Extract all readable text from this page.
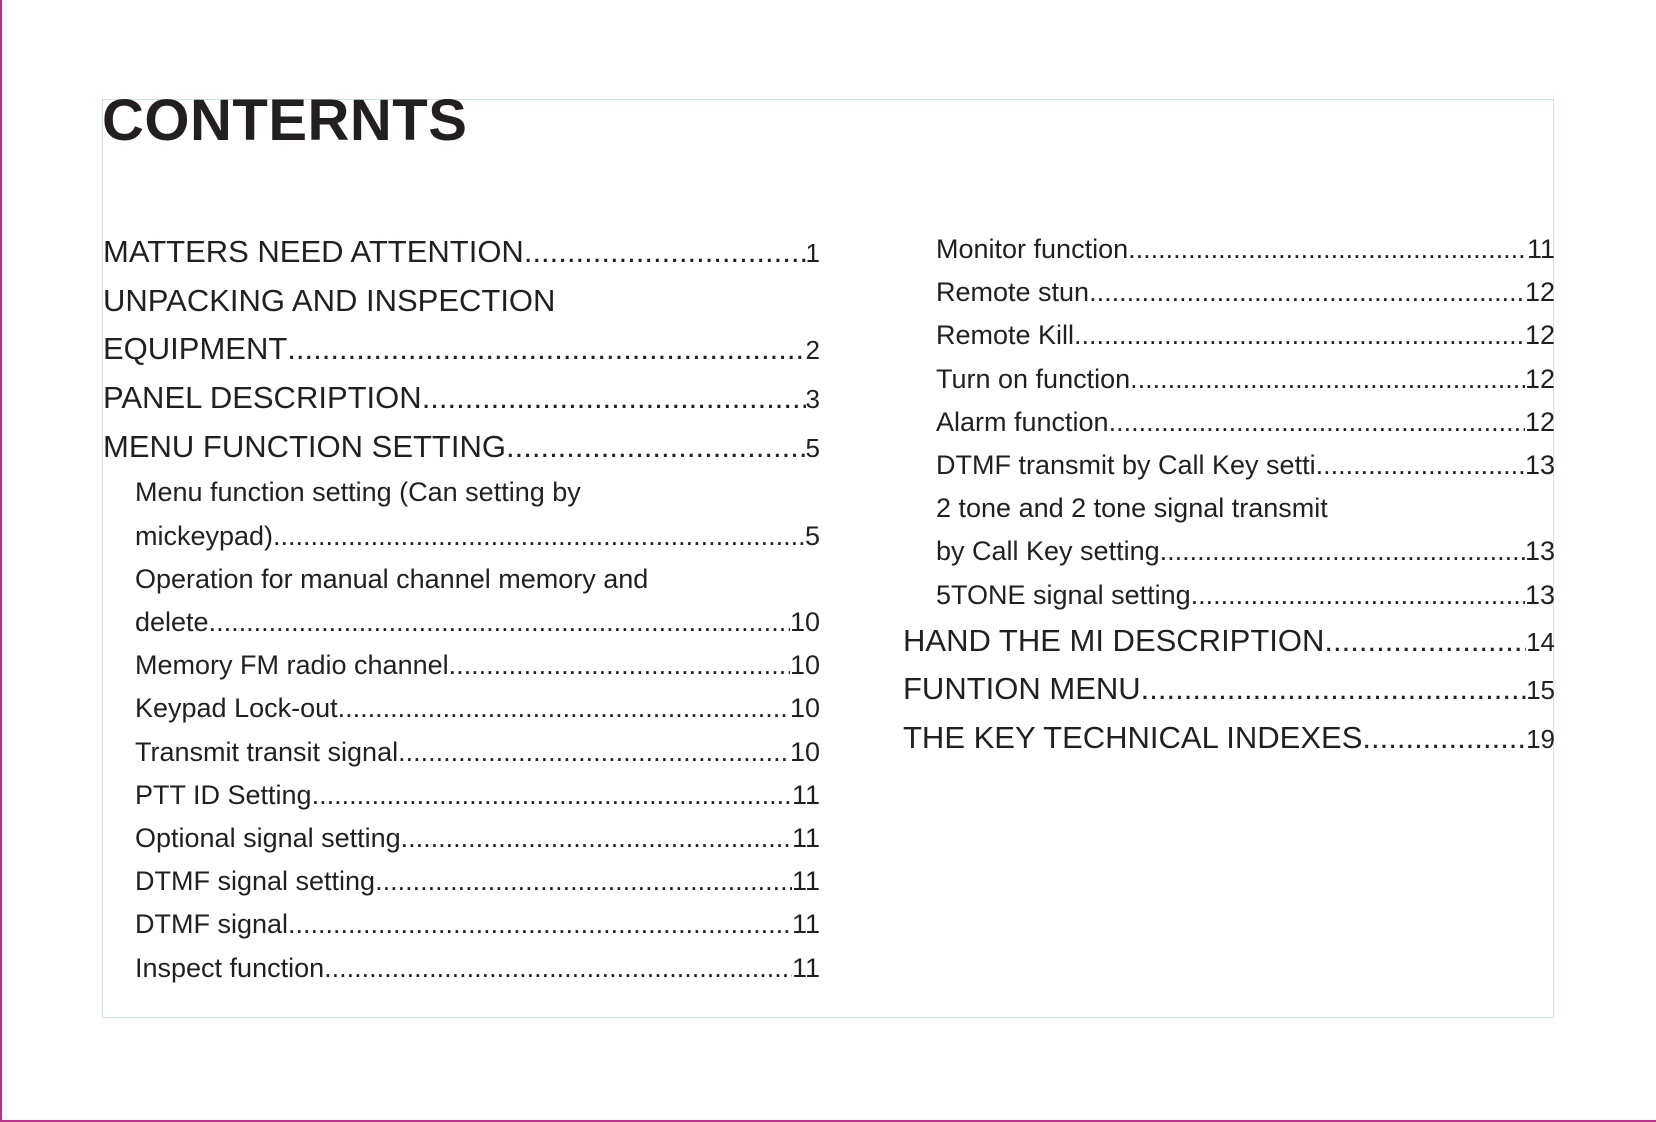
CONTERNTS
MATTERS NEED ATTENTION .....	1
UNPACKING AND INSPECTION
EQUIPMENT .....	2
PANEL DESCRIPTION .....	3
MENU FUNCTION SETTING .....	5
Menu function setting (Can setting by
mickeypad) .....	5
Operation for manual channel memory and
delete .....	10
Memory FM radio channel .....	10
Keypad Lock-out .....	10
Transmit transit signal .....	10
PTT ID Setting .....	11
Optional signal setting .....	11
DTMF signal setting .....	11
DTMF signal .....	11
Inspect function .....	11
Monitor function .....	11
Remote stun .....	12
Remote Kill .....	12
Turn on function .....	12
Alarm function .....	12
DTMF transmit by Call Key setti .....	13
2 tone and 2 tone signal transmit
by Call Key setting .....	13
5TONE signal setting .....	13
HAND THE MI DESCRIPTION .....	14
FUNTION MENU .....	15
THE KEY TECHNICAL INDEXES .....	19
